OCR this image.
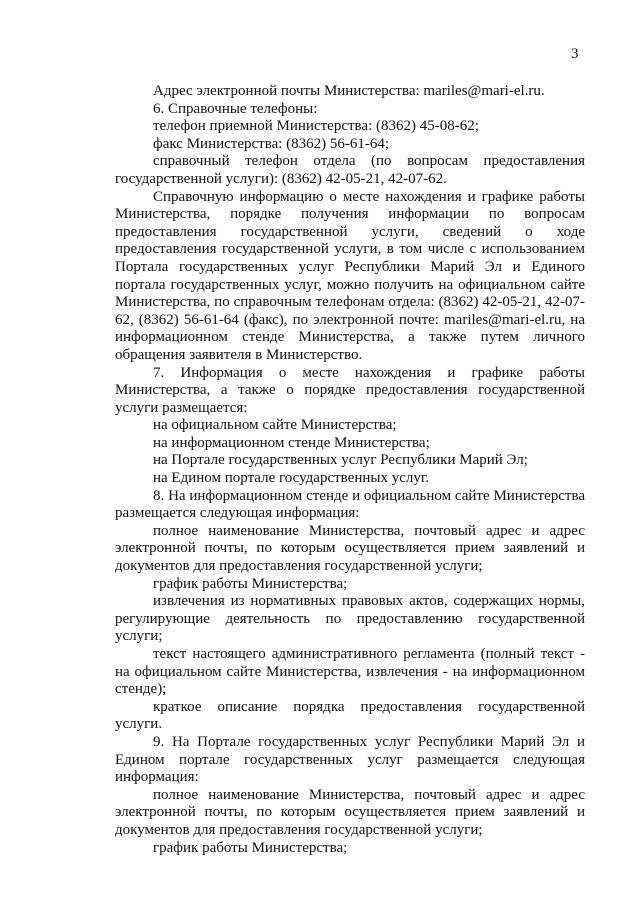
3

Адрес электронной почты Министерства: mariles@mari-el.ru.

6. Справочные телефоны:

телефон приемной Министерства: (8362) 45-08-62;

факс Министерства: (8362) 56-61-64;

справочный телефон отдела (по вопросам предоставления государственной услуги): (8362) 42-05-21, 42-07-62.

Справочную информацию о месте нахождения и графике работы Министерства, порядке получения информации по вопросам предоставления государственной услуги, сведений о ходе предоставления государственной услуги, в том числе с использованием Портала государственных услуг Республики Марий Эл и Единого портала государственных услуг, можно получить на официальном сайте Министерства, по справочным телефонам отдела: (8362) 42-05-21, 42-07-62, (8362) 56-61-64 (факс), по электронной почте: mariles@mari-el.ru, на информационном стенде Министерства, а также путем личного обращения заявителя в Министерство.

7. Информация о месте нахождения и графике работы Министерства, а также о порядке предоставления государственной услуги размещается:

на официальном сайте Министерства;

на информационном стенде Министерства;

на Портале государственных услуг Республики Марий Эл;

на Едином портале государственных услуг.

8. На информационном стенде и официальном сайте Министерства размещается следующая информация:

полное наименование Министерства, почтовый адрес и адрес электронной почты, по которым осуществляется прием заявлений и документов для предоставления государственной услуги;

график работы Министерства;

извлечения из нормативных правовых актов, содержащих нормы, регулирующие деятельность по предоставлению государственной услуги;

текст настоящего административного регламента (полный текст - на официальном сайте Министерства, извлечения - на информационном стенде);

краткое описание порядка предоставления государственной услуги.

9. На Портале государственных услуг Республики Марий Эл и Едином портале государственных услуг размещается следующая информация:

полное наименование Министерства, почтовый адрес и адрес электронной почты, по которым осуществляется прием заявлений и документов для предоставления государственной услуги;

график работы Министерства;
